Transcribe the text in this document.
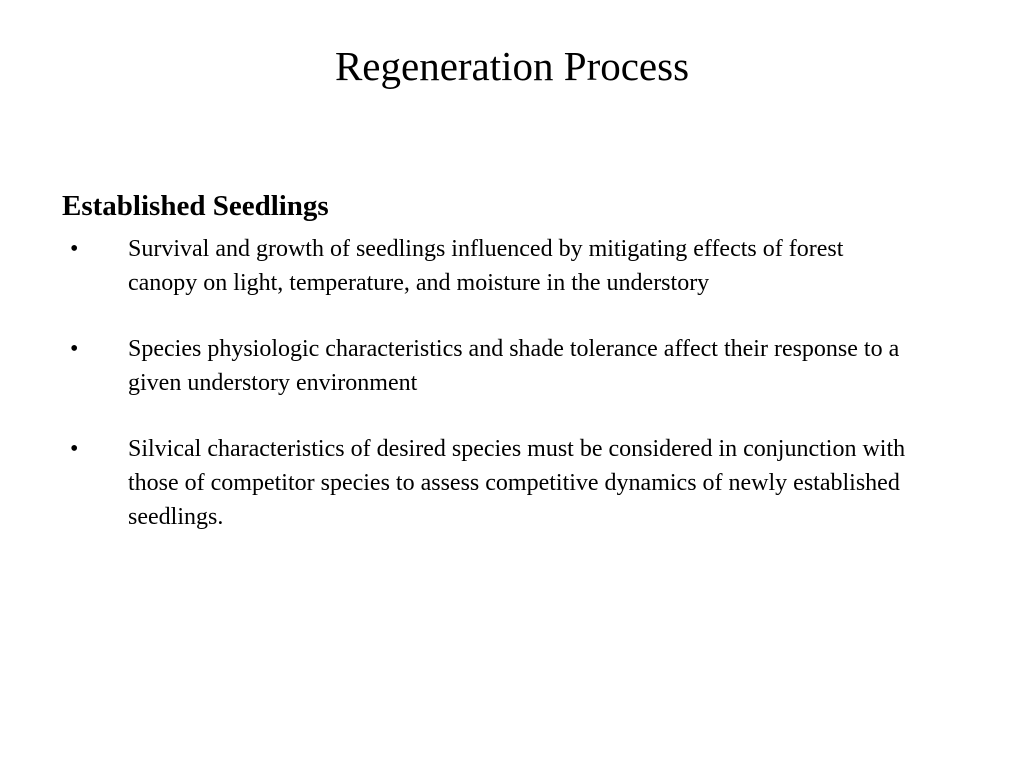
Regeneration Process
Established Seedlings
• Survival and growth of seedlings influenced by mitigating effects of forest canopy on light, temperature, and moisture in the understory
• Species physiologic characteristics and shade tolerance affect their response to a given understory environment
• Silvical characteristics of desired species must be considered in conjunction with those of competitor species to assess competitive dynamics of newly established seedlings.
